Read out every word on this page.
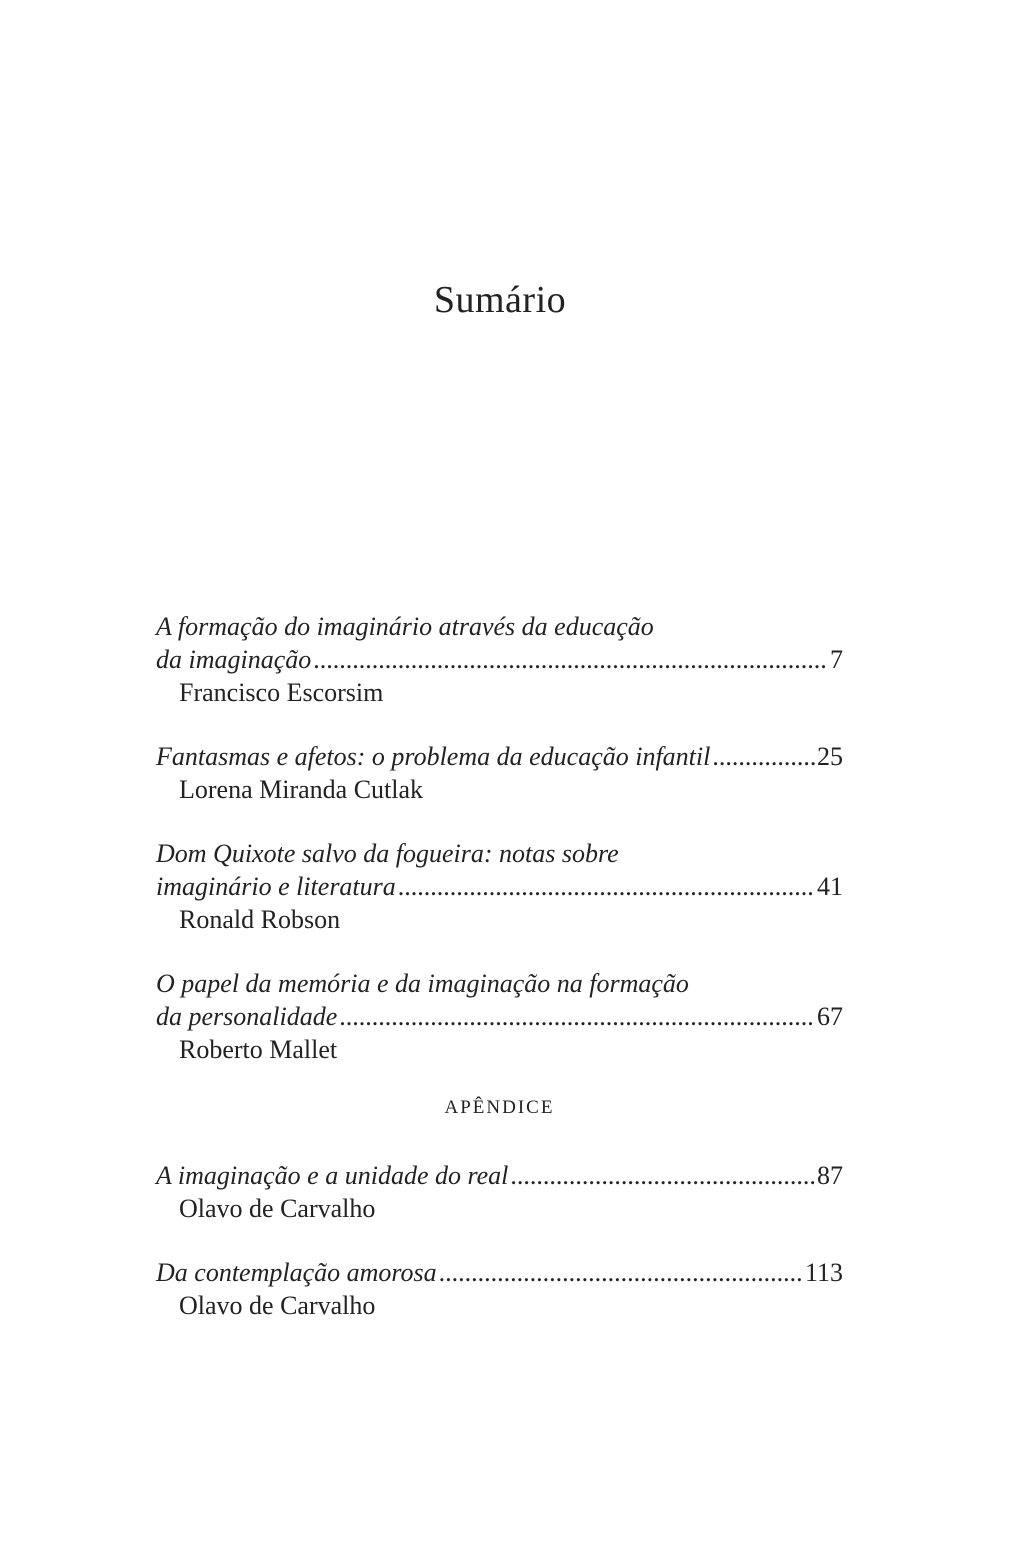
Sumário
A formação do imaginário através da educação
da imaginação .....	7
Francisco Escorsim
Fantasmas e afetos: o problema da educação infantil .....	25
Lorena Miranda Cutlak
Dom Quixote salvo da fogueira: notas sobre
imaginário e literatura .....	41
Ronald Robson
O papel da memória e da imaginação na formação
da personalidade .....	67
Roberto Mallet
APÊNDICE
A imaginação e a unidade do real .....	87
Olavo de Carvalho
Da contemplação amorosa .....	113
Olavo de Carvalho
